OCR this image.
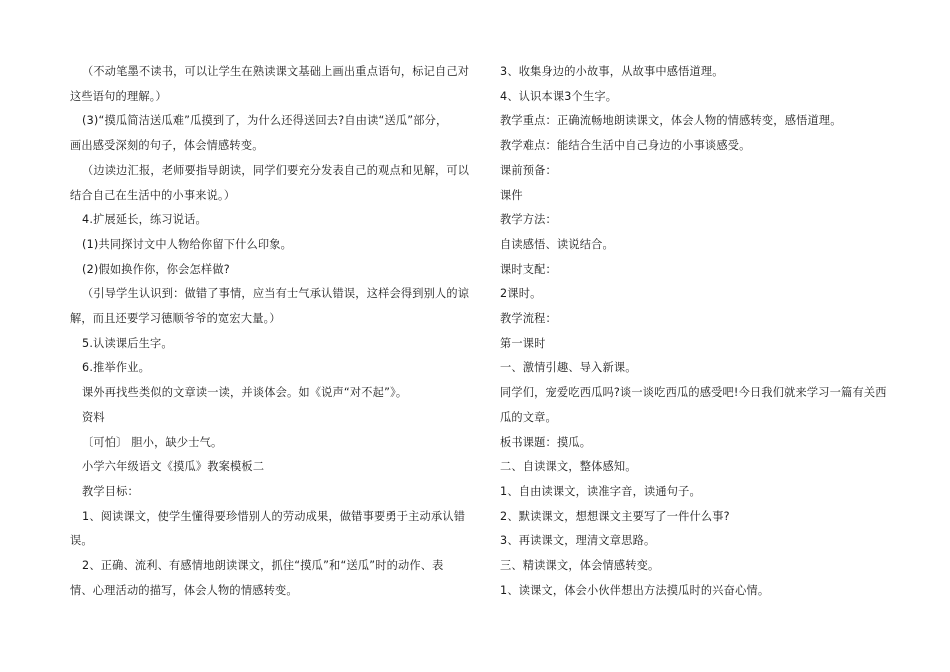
（不动笔墨不读书，可以让学生在熟读课文基础上画出重点语句，标记自己对
这些语句的理解。）
(3)“摸瓜简洁送瓜难”瓜摸到了，为什么还得送回去?自由读“送瓜”部分，
画出感受深刻的句子，体会情感转变。
（边读边汇报，老师要指导朗读，同学们要充分发表自己的观点和见解，可以
结合自己在生活中的小事来说。）
4.扩展延长，练习说话。
(1)共同探讨文中人物给你留下什么印象。
(2)假如换作你，你会怎样做?
（引导学生认识到：做错了事情，应当有士气承认错误，这样会得到别人的谅
解，而且还要学习德顺爷爷的宽宏大量。）
5.认读课后生字。
6.推举作业。
课外再找些类似的文章读一读，并谈体会。如《说声“对不起”》。
资料
〔可怕〕 胆小，缺少士气。
小学六年级语文《摸瓜》教案模板二
教学目标：
1、阅读课文，使学生懂得要珍惜别人的劳动成果，做错事要勇于主动承认错
误。
2、正确、流利、有感情地朗读课文，抓住“摸瓜”和“送瓜”时的动作、表
情、心理活动的描写，体会人物的情感转变。
3、收集身边的小故事，从故事中感悟道理。
4、认识本课3个生字。
教学重点：正确流畅地朗读课文，体会人物的情感转变，感悟道理。
教学难点：能结合生活中自己身边的小事谈感受。
课前预备：
课件
教学方法：
自读感悟、读说结合。
课时支配：
2课时。
教学流程：
第一课时
一、激情引趣、导入新课。
同学们，宠爱吃西瓜吗?谈一谈吃西瓜的感受吧!今日我们就来学习一篇有关西
瓜的文章。
板书课题：摸瓜。
二、自读课文，整体感知。
1、自由读课文，读准字音，读通句子。
2、默读课文，想想课文主要写了一件什么事?
3、再读课文，理清文章思路。
三、精读课文，体会情感转变。
1、读课文，体会小伙伴想出方法摸瓜时的兴奋心情。
